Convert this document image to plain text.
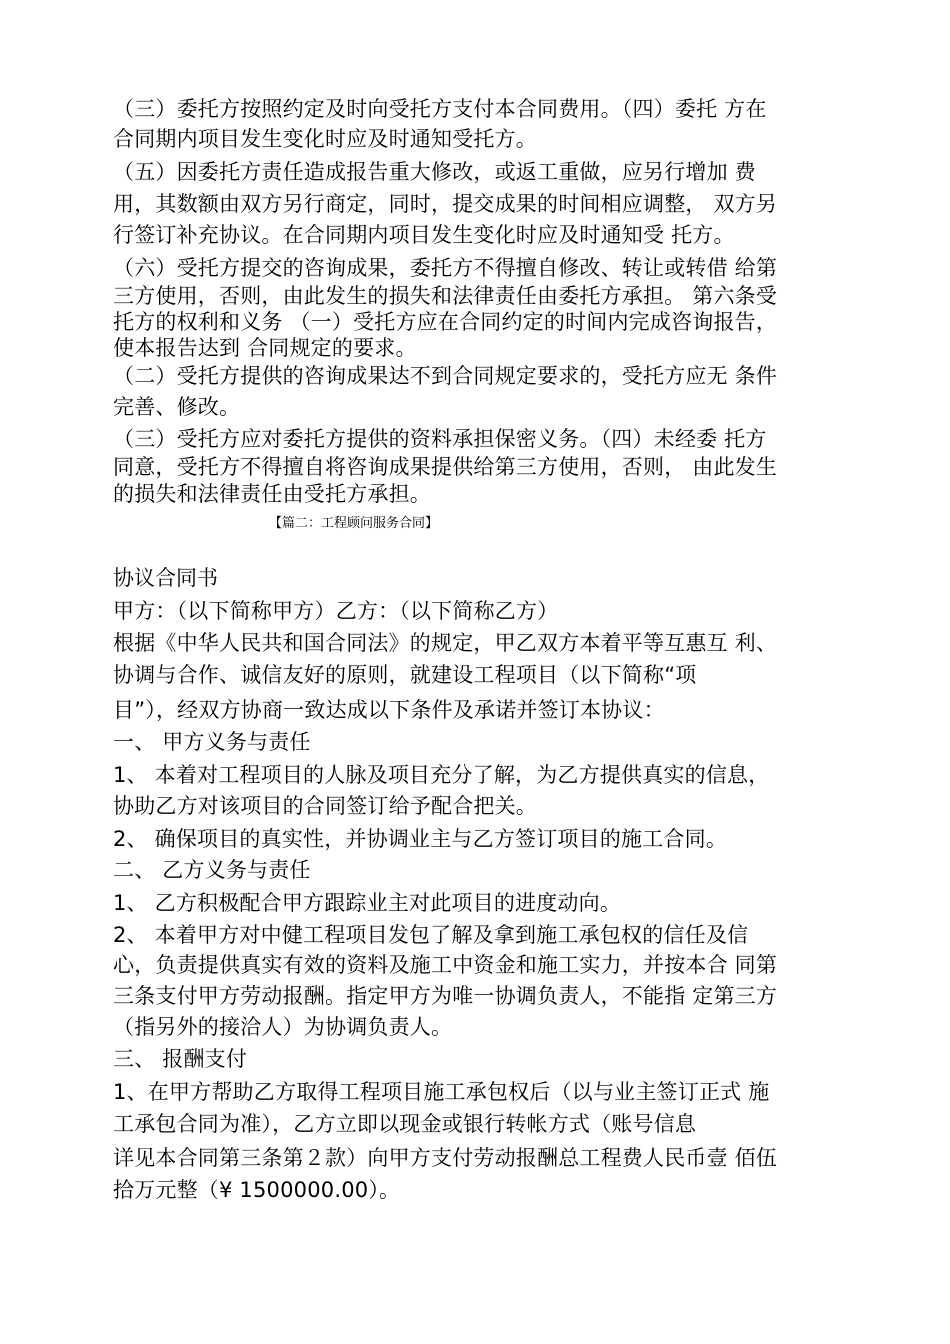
（三）委托方按照约定及时向受托方支付本合同费用。（四）委托 方在
合同期内项目发生变化时应及时通知受托方。
（五）因委托方责任造成报告重大修改，或返工重做，应另行增加 费
用，其数额由双方另行商定，同时，提交成果的时间相应调整， 双方另
行签订补充协议。在合同期内项目发生变化时应及时通知受 托方。
（六）受托方提交的咨询成果，委托方不得擅自修改、转让或转借 给第
三方使用，否则，由此发生的损失和法律责任由委托方承担。 第六条受
托方的权利和义务 （一）受托方应在合同约定的时间内完成咨询报告，
使本报告达到 合同规定的要求。
（二）受托方提供的咨询成果达不到合同规定要求的，受托方应无 条件
完善、修改。
（三）受托方应对委托方提供的资料承担保密义务。（四）未经委 托方
同意，受托方不得擅自将咨询成果提供给第三方使用，否则， 由此发生
的损失和法律责任由受托方承担。
【篇二：工程顾问服务合同】
协议合同书
甲方：（以下简称甲方）乙方：（以下简称乙方）
根据《中华人民共和国合同法》的规定，甲乙双方本着平等互惠互 利、
协调与合作、诚信友好的原则，就建设工程项目（以下简称“项
目”），经双方协商一致达成以下条件及承诺并签订本协议：
一、 甲方义务与责任
1、 本着对工程项目的人脉及项目充分了解，为乙方提供真实的信息，
协助乙方对该项目的合同签订给予配合把关。
2、 确保项目的真实性，并协调业主与乙方签订项目的施工合同。
二、 乙方义务与责任
1、 乙方积极配合甲方跟踪业主对此项目的进度动向。
2、 本着甲方对中健工程项目发包了解及拿到施工承包权的信任及信
心，负责提供真实有效的资料及施工中资金和施工实力，并按本合 同第
三条支付甲方劳动报酬。指定甲方为唯一协调负责人，不能指 定第三方
（指另外的接洽人）为协调负责人。
三、 报酬支付
1、在甲方帮助乙方取得工程项目施工承包权后（以与业主签订正式 施
工承包合同为准），乙方立即以现金或银行转帐方式（账号信息
详见本合同第三条第２款）向甲方支付劳动报酬总工程费人民币壹 佰伍
拾万元整（¥ 1500000.00）。
